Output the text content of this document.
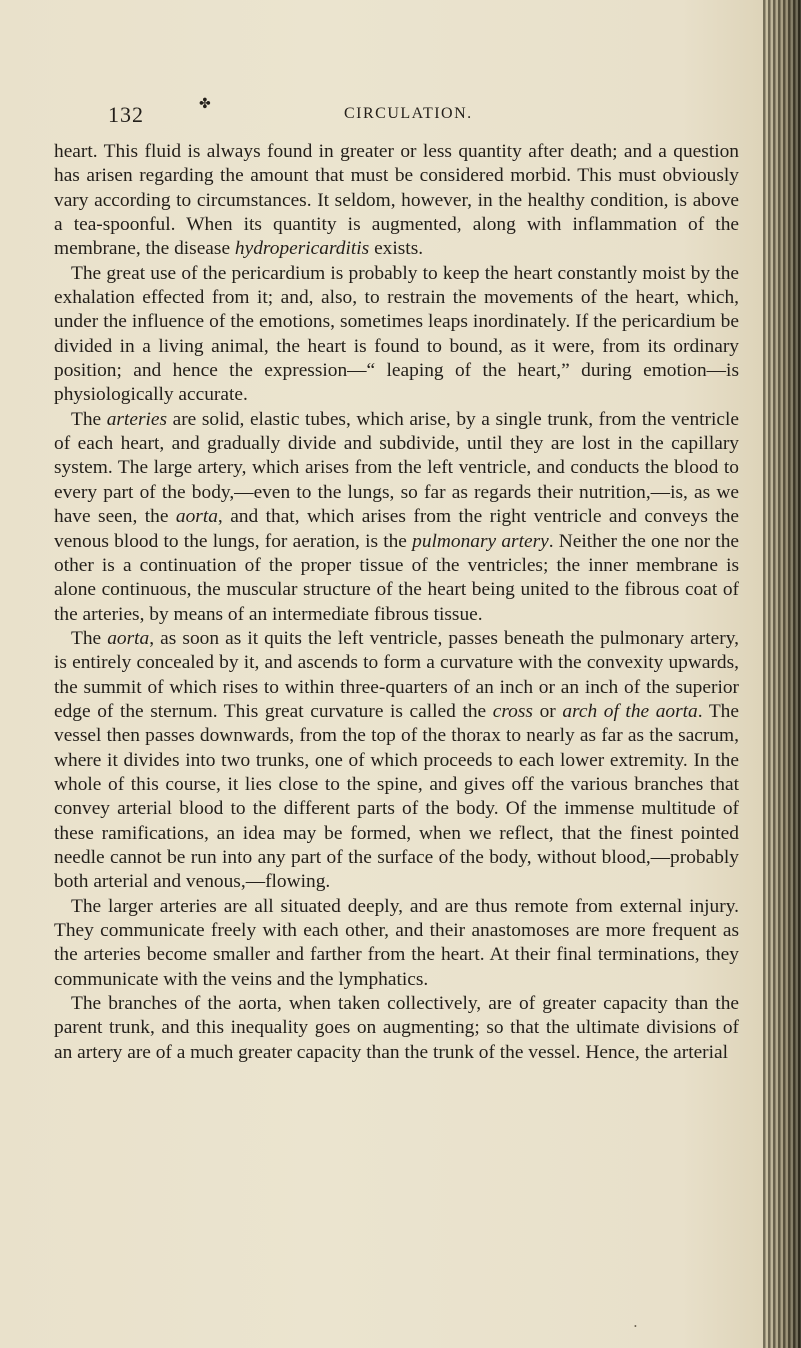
132	✤
CIRCULATION.

heart. This fluid is always found in greater or less quantity after death; and a question has arisen regarding the amount that must be considered morbid. This must obviously vary according to circumstances. It seldom, however, in the healthy condition, is above a tea-spoonful. When its quantity is augmented, along with inflammation of the membrane, the disease hydropericarditis exists.

The great use of the pericardium is probably to keep the heart constantly moist by the exhalation effected from it; and, also, to restrain the movements of the heart, which, under the influence of the emotions, sometimes leaps inordinately. If the pericardium be divided in a living animal, the heart is found to bound, as it were, from its ordinary position; and hence the expression—“ leaping of the heart,” during emotion—is physiologically accurate.

The arteries are solid, elastic tubes, which arise, by a single trunk, from the ventricle of each heart, and gradually divide and subdivide, until they are lost in the capillary system. The large artery, which arises from the left ventricle, and conducts the blood to every part of the body,—even to the lungs, so far as regards their nutrition,—is, as we have seen, the aorta, and that, which arises from the right ventricle and conveys the venous blood to the lungs, for aeration, is the pulmonary artery. Neither the one nor the other is a continuation of the proper tissue of the ventricles; the inner membrane is alone continuous, the muscular structure of the heart being united to the fibrous coat of the arteries, by means of an intermediate fibrous tissue.

The aorta, as soon as it quits the left ventricle, passes beneath the pulmonary artery, is entirely concealed by it, and ascends to form a curvature with the convexity upwards, the summit of which rises to within three-quarters of an inch or an inch of the superior edge of the sternum. This great curvature is called the cross or arch of the aorta. The vessel then passes downwards, from the top of the thorax to nearly as far as the sacrum, where it divides into two trunks, one of which proceeds to each lower extremity. In the whole of this course, it lies close to the spine, and gives off the various branches that convey arterial blood to the different parts of the body. Of the immense multitude of these ramifications, an idea may be formed, when we reflect, that the finest pointed needle cannot be run into any part of the surface of the body, without blood,—probably both arterial and venous,—flowing.

The larger arteries are all situated deeply, and are thus remote from external injury. They communicate freely with each other, and their anastomoses are more frequent as the arteries become smaller and farther from the heart. At their final terminations, they communicate with the veins and the lymphatics.

The branches of the aorta, when taken collectively, are of greater capacity than the parent trunk, and this inequality goes on augmenting; so that the ultimate divisions of an artery are of a much greater capacity than the trunk of the vessel. Hence, the arterial

•
